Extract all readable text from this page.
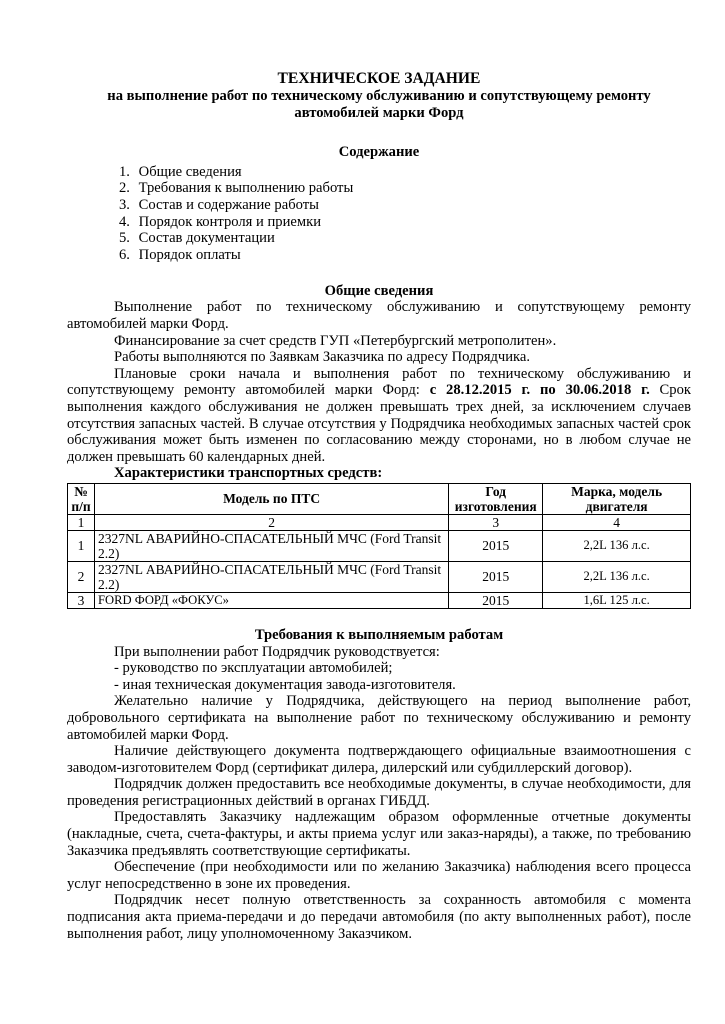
ТЕХНИЧЕСКОЕ ЗАДАНИЕ
на выполнение работ по техническому обслуживанию и сопутствующему ремонту
автомобилей марки Форд
Содержание
1. Общие сведения
2. Требования к выполнению работы
3. Состав и содержание работы
4. Порядок контроля и приемки
5. Состав документации
6. Порядок оплаты
Общие сведения

Выполнение работ по техническому обслуживанию и сопутствующему ремонту автомобилей марки Форд.

Финансирование за счет средств ГУП «Петербургский метрополитен».

Работы выполняются по Заявкам Заказчика по адресу Подрядчика.

Плановые сроки начала и выполнения работ по техническому обслуживанию и сопутствующему ремонту автомобилей марки Форд: с 28.12.2015 г. по 30.06.2018 г. Срок выполнения каждого обслуживания не должен превышать трех дней, за исключением случаев отсутствия запасных частей. В случае отсутствия у Подрядчика необходимых запасных частей срок обслуживания может быть изменен по согласованию между сторонами, но в любом случае не должен превышать 60 календарных дней.

Характеристики транспортных средств:

№ п/п	Модель по ПТС	Год изготовления	Марка, модель двигателя
1	2	3	4
1	2327NL АВАРИЙНО-СПАСАТЕЛЬНЫЙ МЧС (Ford Transit 2.2)	2015	2,2L 136 л.с.
2	2327NL АВАРИЙНО-СПАСАТЕЛЬНЫЙ МЧС (Ford Transit 2.2)	2015	2,2L 136 л.с.
3	FORD ФОРД «ФОКУС»	2015	1,6L 125 л.с.
Требования к выполняемым работам

При выполнении работ Подрядчик руководствуется:

- руководство по эксплуатации автомобилей;

- иная техническая документация завода-изготовителя.

Желательно наличие у Подрядчика, действующего на период выполнение работ, добровольного сертификата на выполнение работ по техническому обслуживанию и ремонту автомобилей марки Форд.

Наличие действующего документа подтверждающего официальные взаимоотношения с заводом-изготовителем Форд (сертификат дилера, дилерский или субдиллерский договор).

Подрядчик должен предоставить все необходимые документы, в случае необходимости, для проведения регистрационных действий в органах ГИБДД.

Предоставлять Заказчику надлежащим образом оформленные отчетные документы (накладные, счета, счета-фактуры, и акты приема услуг или заказ-наряды), а также, по требованию Заказчика предъявлять соответствующие сертификаты.

Обеспечение (при необходимости или по желанию Заказчика) наблюдения всего процесса услуг непосредственно в зоне их проведения.

Подрядчик несет полную ответственность за сохранность автомобиля с момента подписания акта приема-передачи и до передачи автомобиля (по акту выполненных работ), после выполнения работ, лицу уполномоченному Заказчиком.
